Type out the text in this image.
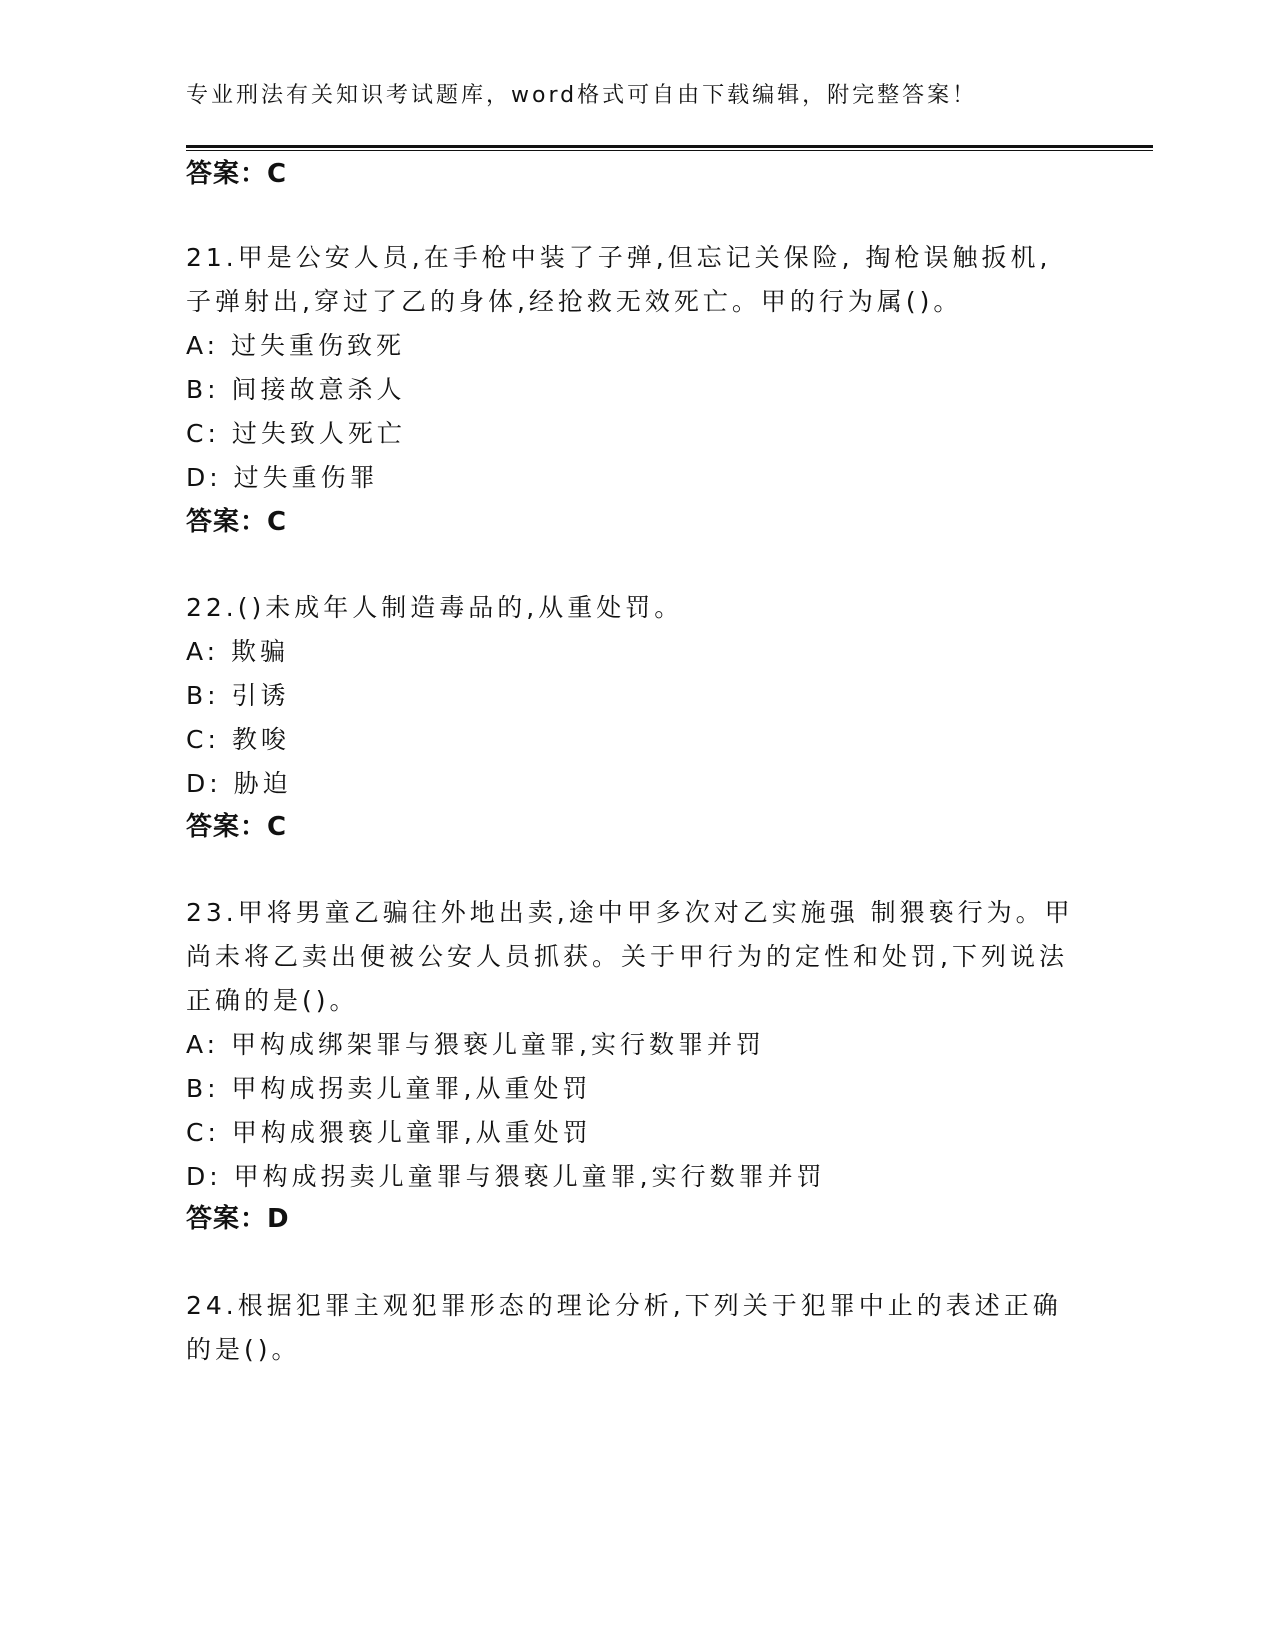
专业刑法有关知识考试题库，word格式可自由下载编辑，附完整答案！
答案：C
21.甲是公安人员,在手枪中装了子弹,但忘记关保险, 掏枪误触扳机,
子弹射出,穿过了乙的身体,经抢救无效死亡。甲的行为属()。
A: 过失重伤致死
B: 间接故意杀人
C: 过失致人死亡
D: 过失重伤罪
答案：C
22.()未成年人制造毒品的,从重处罚。
A: 欺骗
B: 引诱
C: 教唆
D: 胁迫
答案：C
23.甲将男童乙骗往外地出卖,途中甲多次对乙实施强 制猥亵行为。甲
尚未将乙卖出便被公安人员抓获。关于甲行为的定性和处罚,下列说法
正确的是()。
A: 甲构成绑架罪与猥亵儿童罪,实行数罪并罚
B: 甲构成拐卖儿童罪,从重处罚
C: 甲构成猥亵儿童罪,从重处罚
D: 甲构成拐卖儿童罪与猥亵儿童罪,实行数罪并罚
答案：D
24.根据犯罪主观犯罪形态的理论分析,下列关于犯罪中止的表述正确
的是()。
